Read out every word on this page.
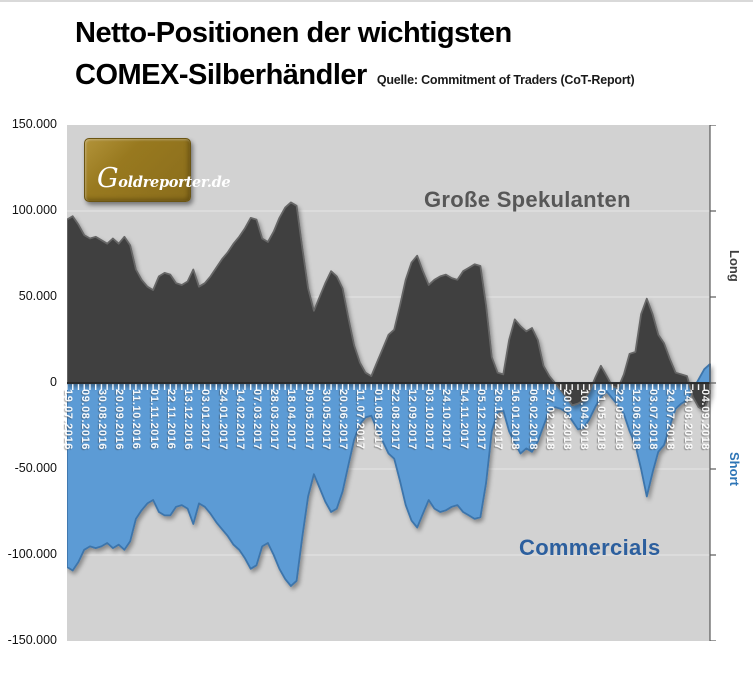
Netto-Positionen der wichtigsten
COMEX-Silberhändler Quelle: Commitment of Traders (CoT-Report)
Goldreporter.de
Große Spekulanten
Commercials
Long
Short
150.000
100.000
50.000
0
-50.000
-100.000
-150.000
19.07.2016 09.08.2016 30.08.2016 20.09.2016 11.10.2016 01.11.2016 22.11.2016 13.12.2016 03.01.2017 24.01.2017 14.02.2017 07.03.2017 28.03.2017 18.04.2017 09.05.2017 30.05.2017 20.06.2017 11.07.2017 01.08.2017 22.08.2017 12.09.2017 03.10.2017 24.10.2017 14.11.2017 05.12.2017 26.12.2017 16.01.2018 06.02.2018 27.02.2018 20.03.2018 10.04.2018 01.05.2018 22.05.2018 12.06.2018 03.07.2018 24.07.2018 14.08.2018 04.09.2018
